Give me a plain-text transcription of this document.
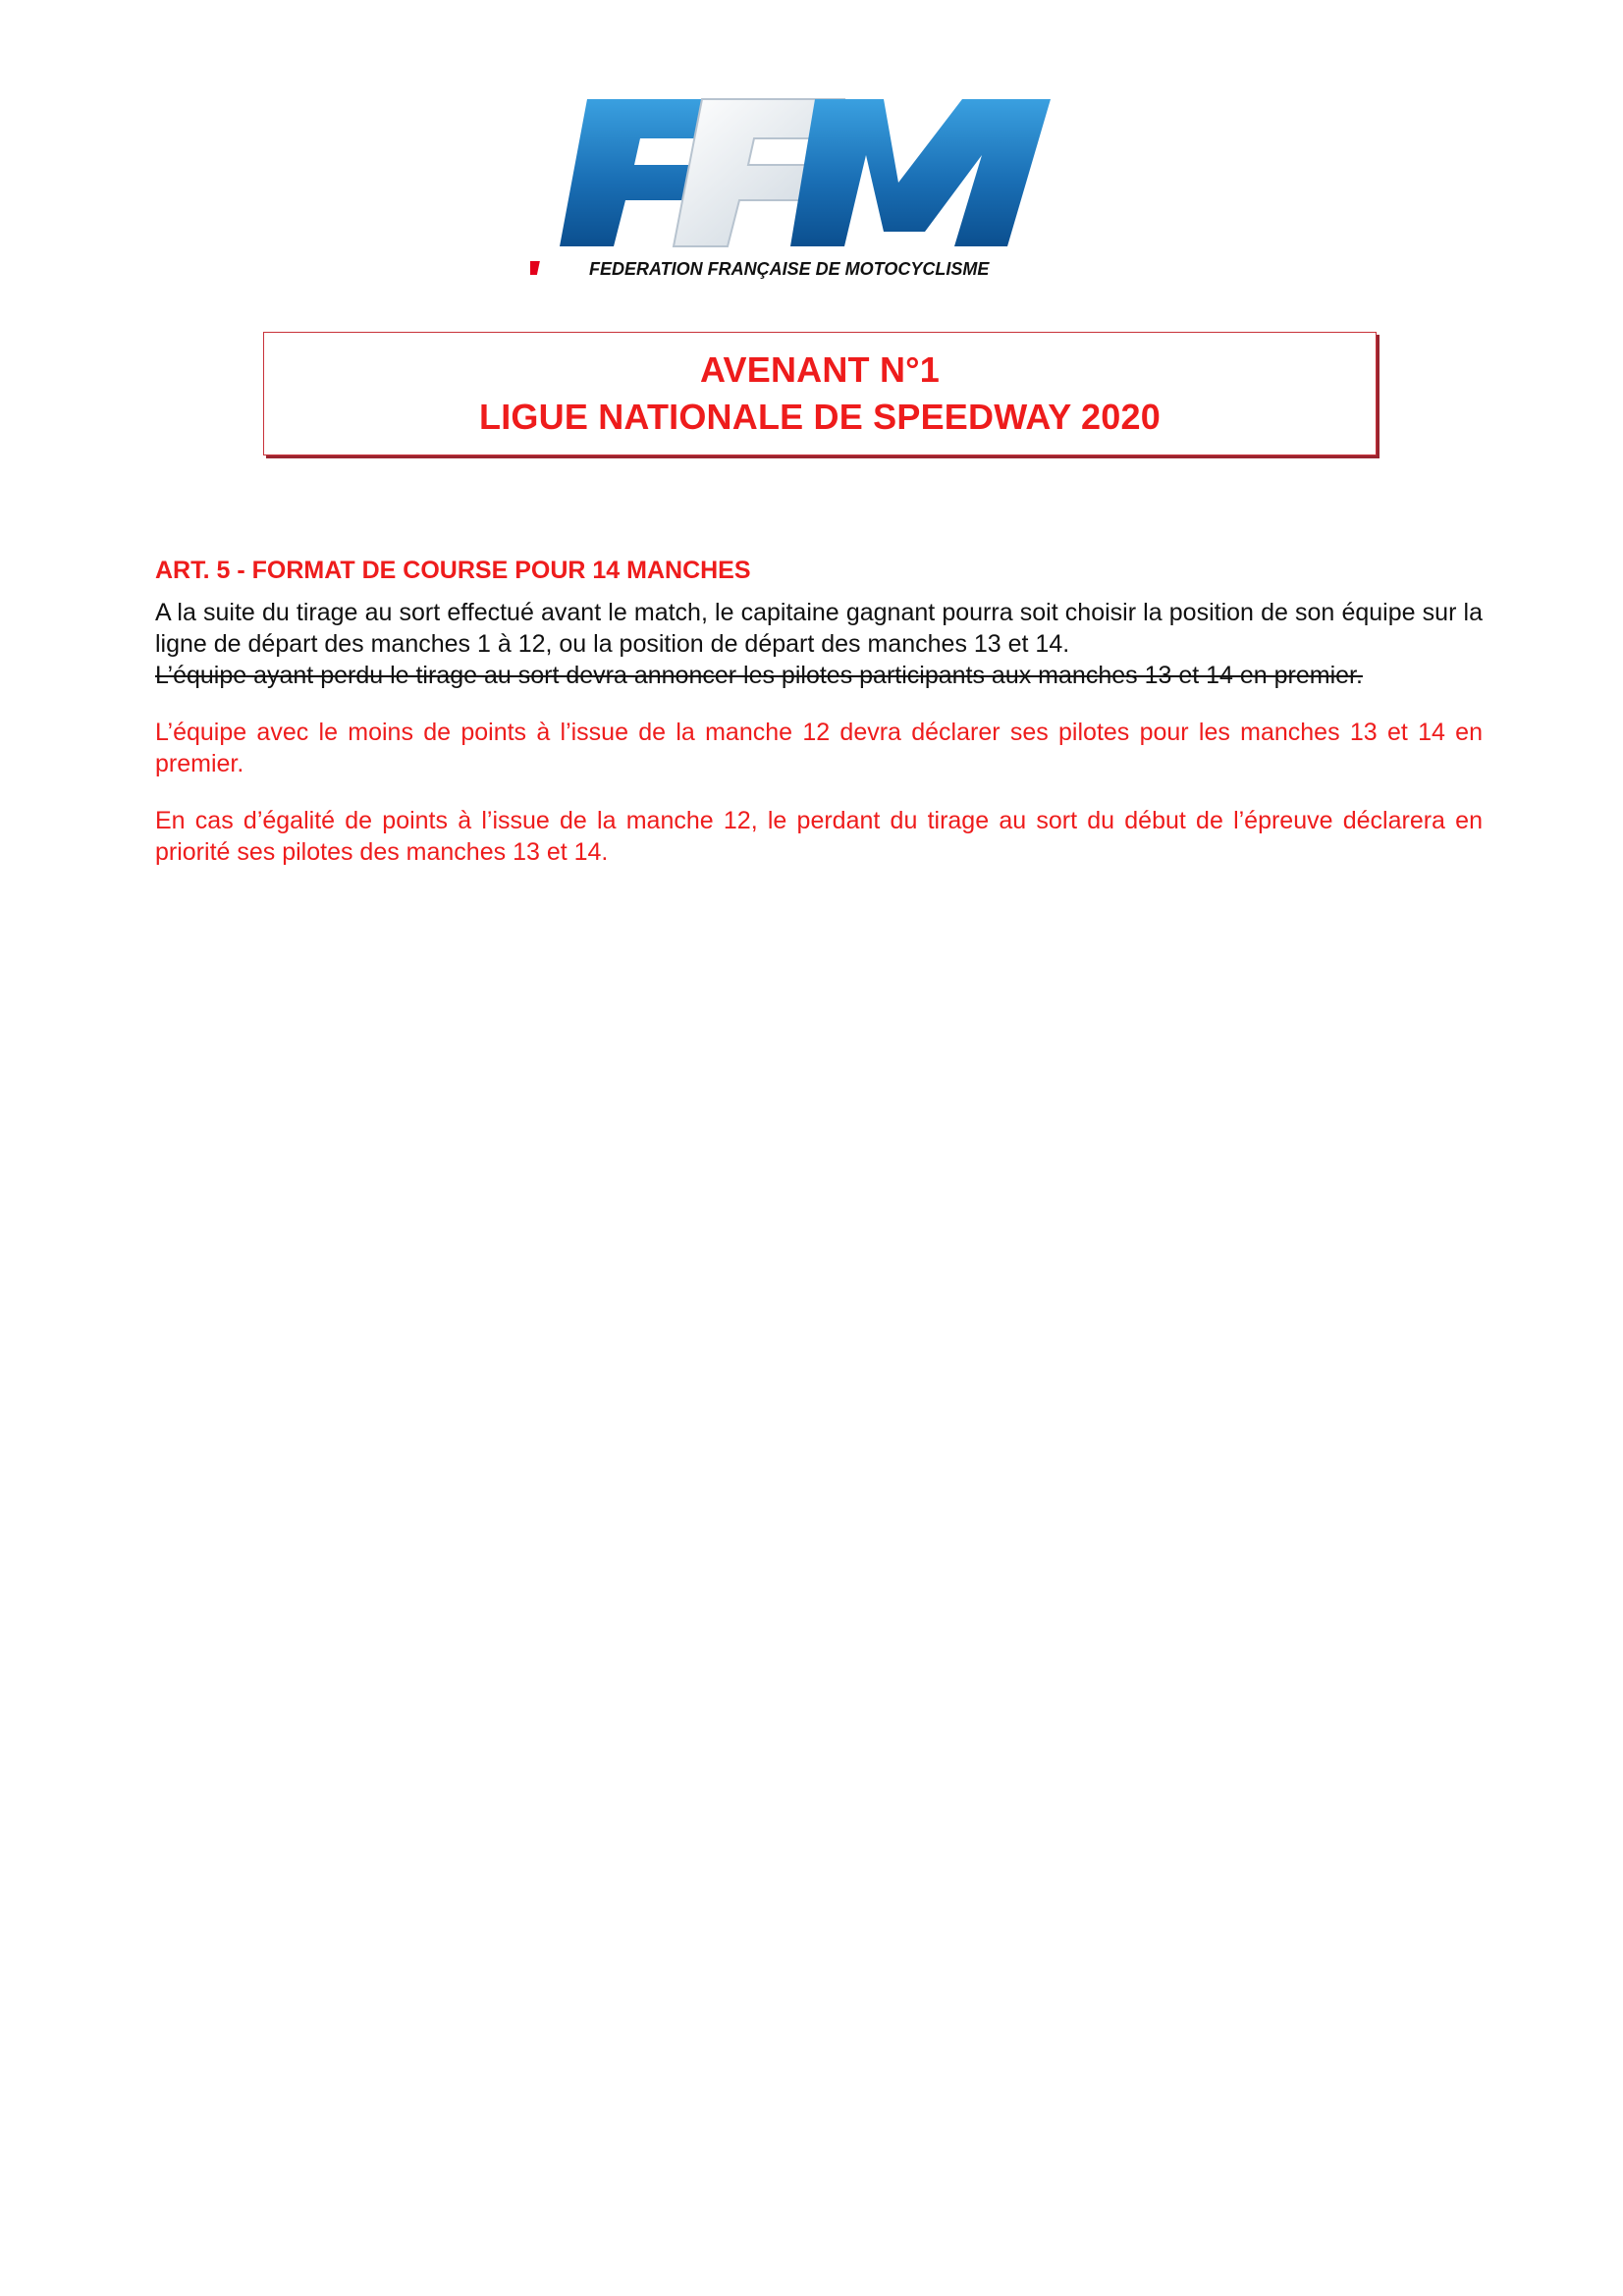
FEDERATION FRANÇAISE DE MOTOCYCLISME
AVENANT N°1
LIGUE NATIONALE DE SPEEDWAY 2020
ART. 5 - FORMAT DE COURSE POUR 14 MANCHES

A la suite du tirage au sort effectué avant le match, le capitaine gagnant pourra soit choisir la position de son équipe sur la ligne de départ des manches 1 à 12, ou la position de départ des manches 13 et 14.
L’équipe ayant perdu le tirage au sort devra annoncer les pilotes participants aux manches 13 et 14 en premier.

L’équipe avec le moins de points à l’issue de la manche 12 devra déclarer ses pilotes pour les manches 13 et 14 en premier.

En cas d’égalité de points à l’issue de la manche 12, le perdant du tirage au sort du début de l’épreuve déclarera en priorité ses pilotes des manches 13 et 14.
